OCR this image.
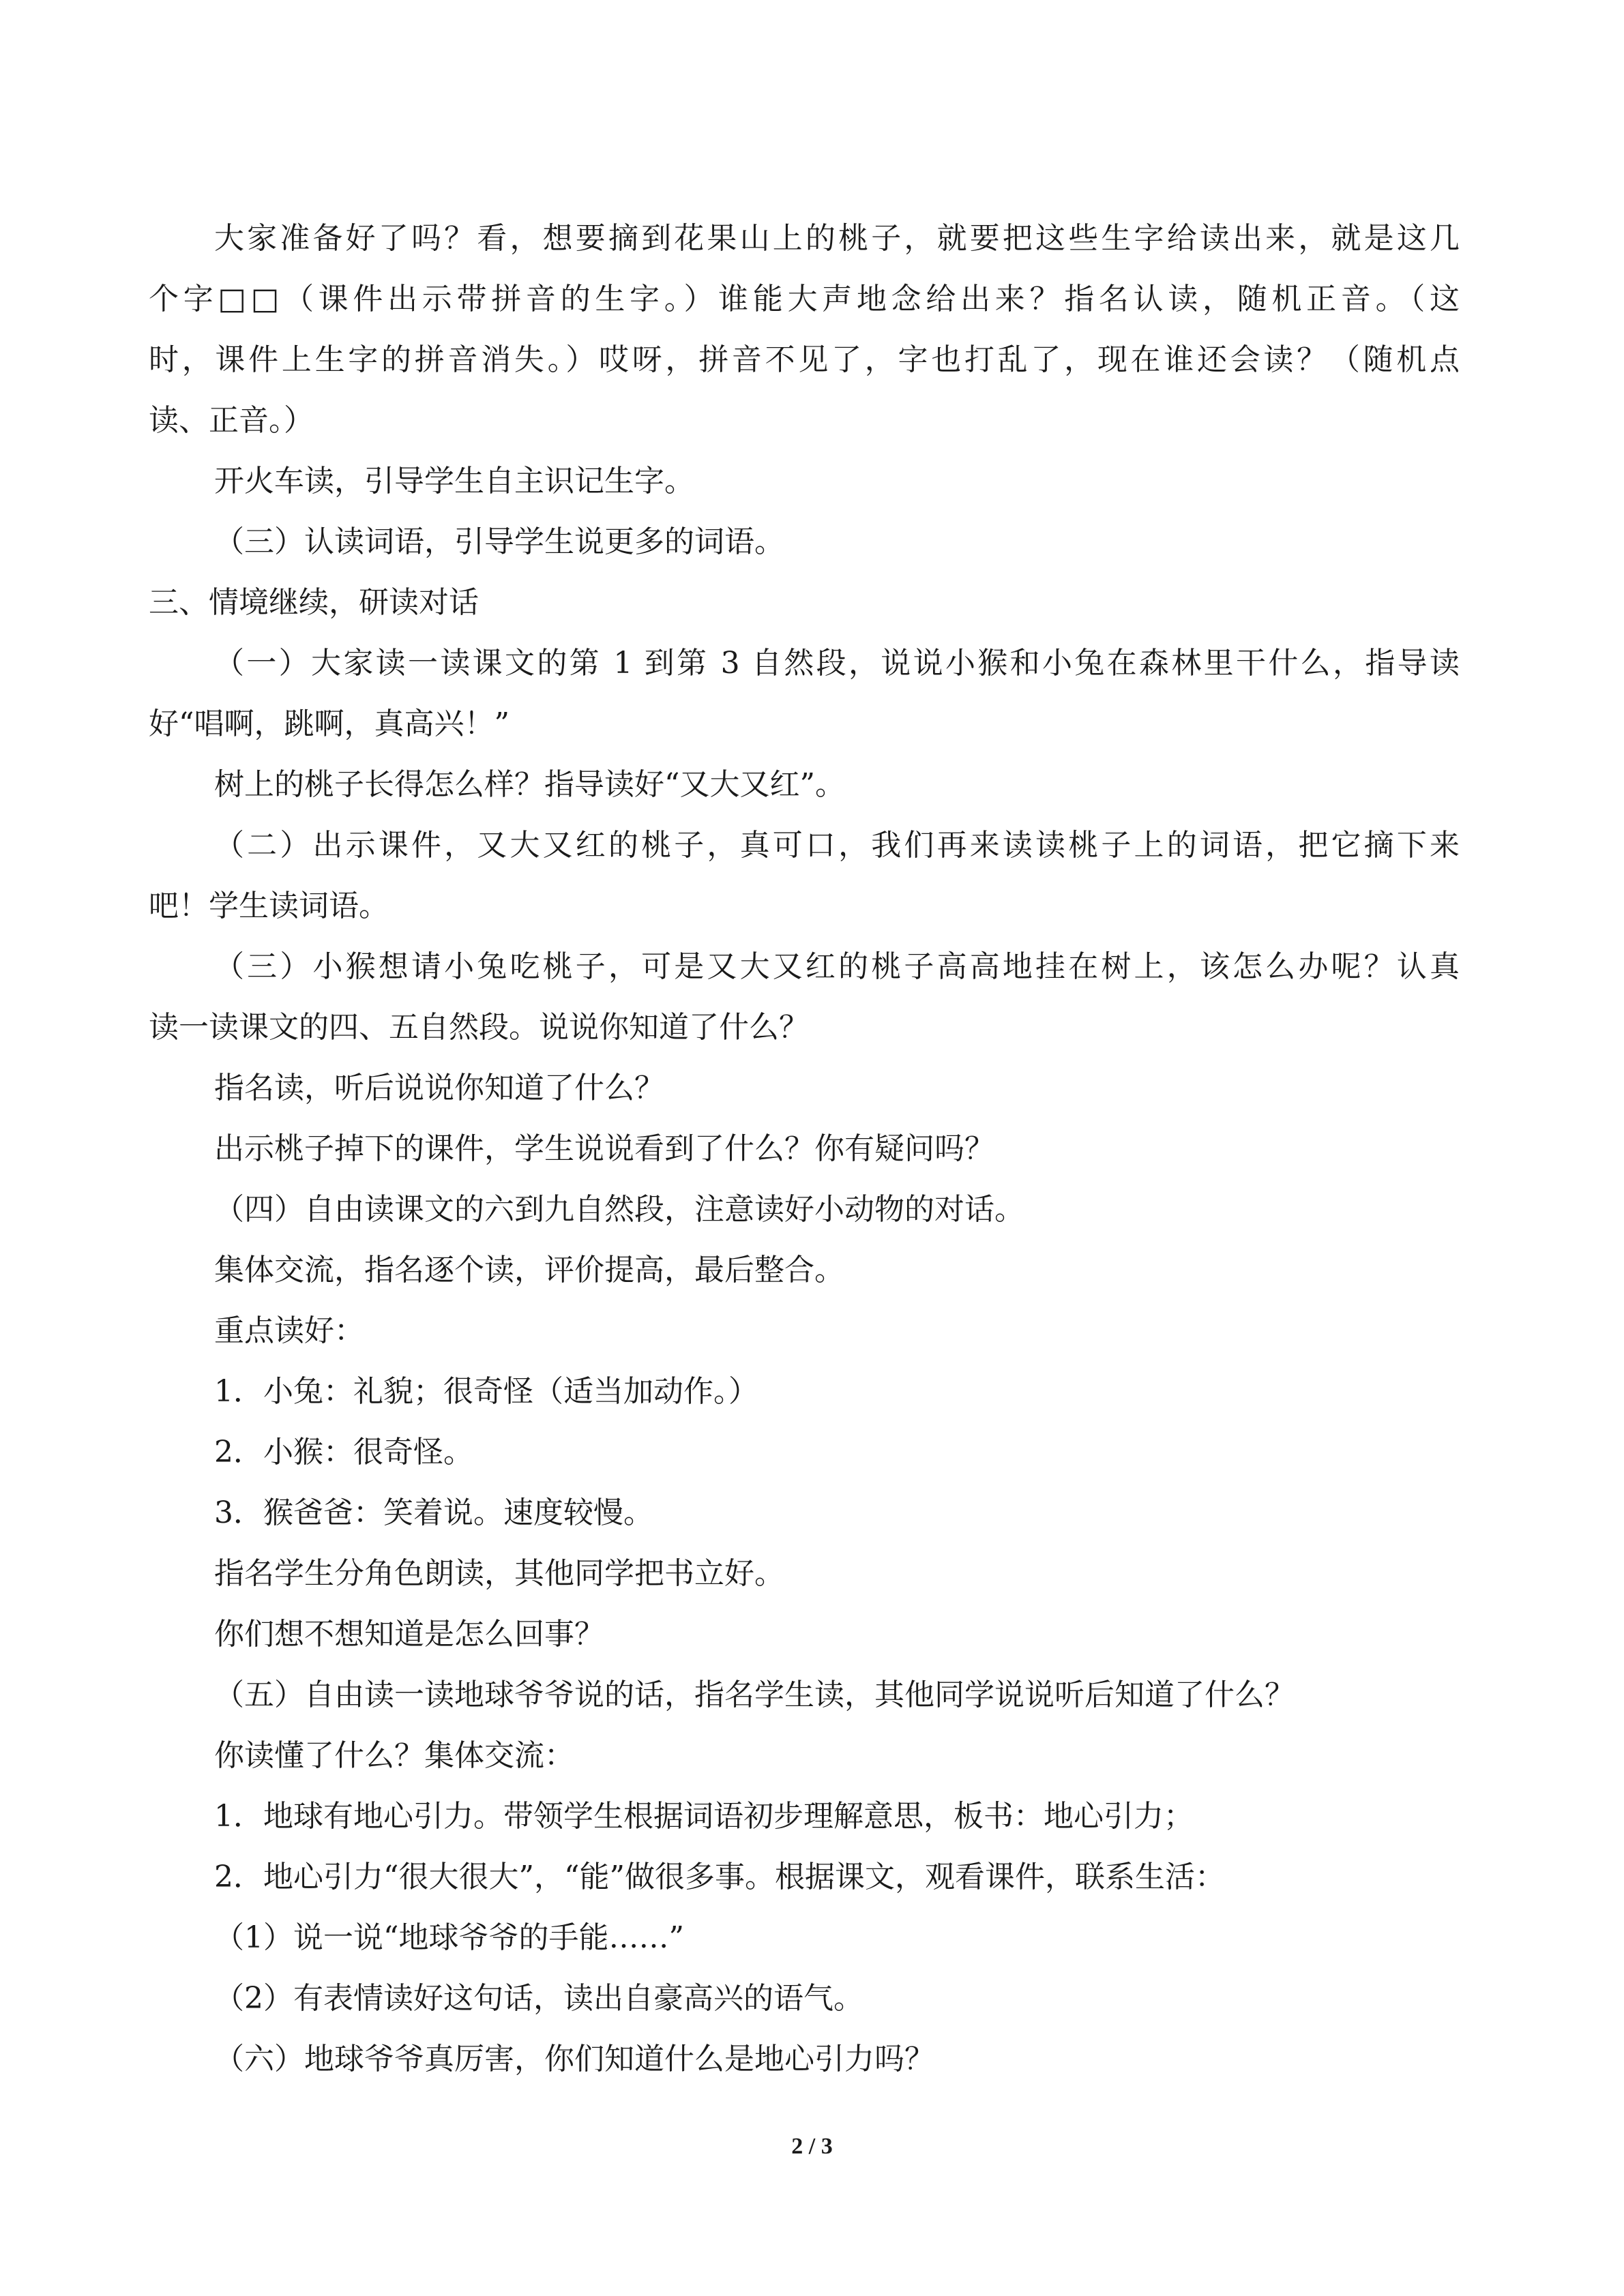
大家准备好了吗？看，想要摘到花果山上的桃子，就要把这些生字给读出来，就是这几
个字□□（课件出示带拼音的生字。）谁能大声地念给出来？指名认读，随机正音。（这
时，课件上生字的拼音消失。）哎呀，拼音不见了，字也打乱了，现在谁还会读？（随机点
读、正音。）
开火车读，引导学生自主识记生字。
（三）认读词语，引导学生说更多的词语。
三、情境继续，研读对话
（一）大家读一读课文的第 1 到第 3 自然段，说说小猴和小兔在森林里干什么，指导读
好“唱啊，跳啊，真高兴！”
树上的桃子长得怎么样？指导读好“又大又红”。
（二）出示课件，又大又红的桃子，真可口，我们再来读读桃子上的词语，把它摘下来
吧！学生读词语。
（三）小猴想请小兔吃桃子，可是又大又红的桃子高高地挂在树上，该怎么办呢？认真
读一读课文的四、五自然段。说说你知道了什么？
指名读，听后说说你知道了什么？
出示桃子掉下的课件，学生说说看到了什么？你有疑问吗？
（四）自由读课文的六到九自然段，注意读好小动物的对话。
集体交流，指名逐个读，评价提高，最后整合。
重点读好：
1．小兔：礼貌；很奇怪（适当加动作。）
2．小猴：很奇怪。
3．猴爸爸：笑着说。速度较慢。
指名学生分角色朗读，其他同学把书立好。
你们想不想知道是怎么回事？
（五）自由读一读地球爷爷说的话，指名学生读，其他同学说说听后知道了什么？
你读懂了什么？集体交流：
1．地球有地心引力。带领学生根据词语初步理解意思，板书：地心引力；
2．地心引力“很大很大”，“能”做很多事。根据课文，观看课件，联系生活：
（1）说一说“地球爷爷的手能……”
（2）有表情读好这句话，读出自豪高兴的语气。
（六）地球爷爷真厉害，你们知道什么是地心引力吗？
2 / 3
